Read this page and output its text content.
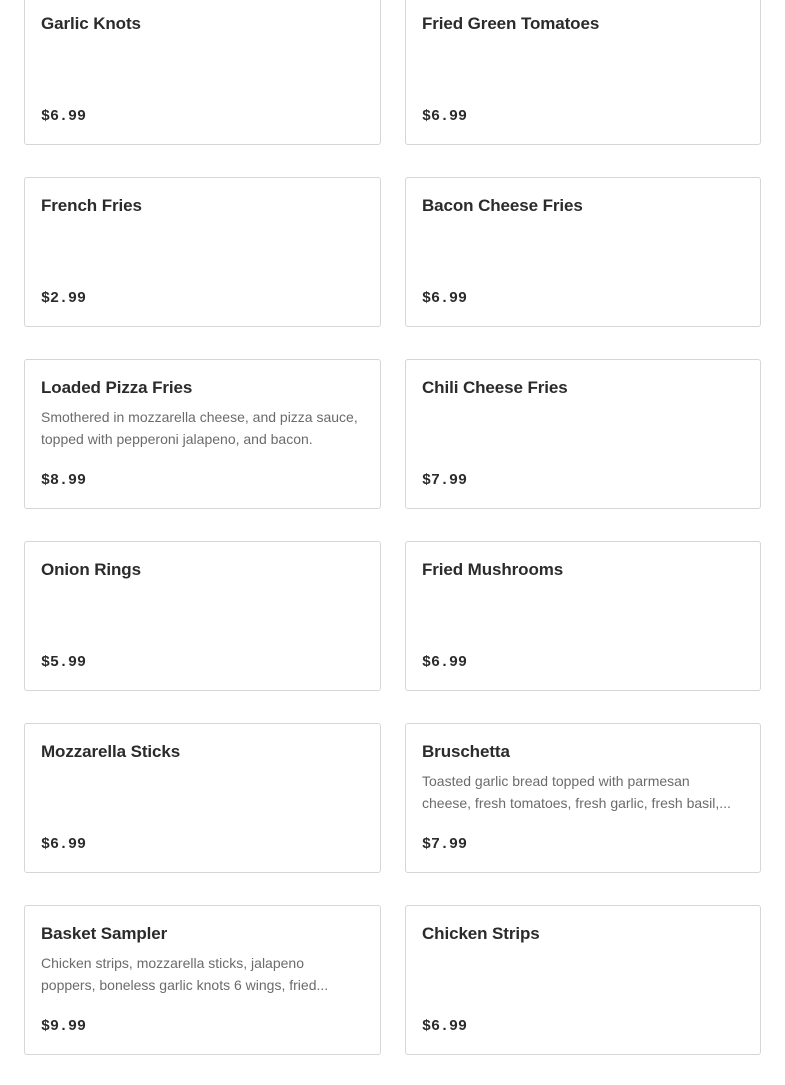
Garlic Knots
$6.99
Fried Green Tomatoes
$6.99
French Fries
$2.99
Bacon Cheese Fries
$6.99
Loaded Pizza Fries
Smothered in mozzarella cheese, and pizza sauce, topped with pepperoni jalapeno, and bacon.
$8.99
Chili Cheese Fries
$7.99
Onion Rings
$5.99
Fried Mushrooms
$6.99
Mozzarella Sticks
$6.99
Bruschetta
Toasted garlic bread topped with parmesan cheese, fresh tomatoes, fresh garlic, fresh basil,...
$7.99
Basket Sampler
Chicken strips, mozzarella sticks, jalapeno poppers, boneless garlic knots 6 wings, fried...
$9.99
Chicken Strips
$6.99
